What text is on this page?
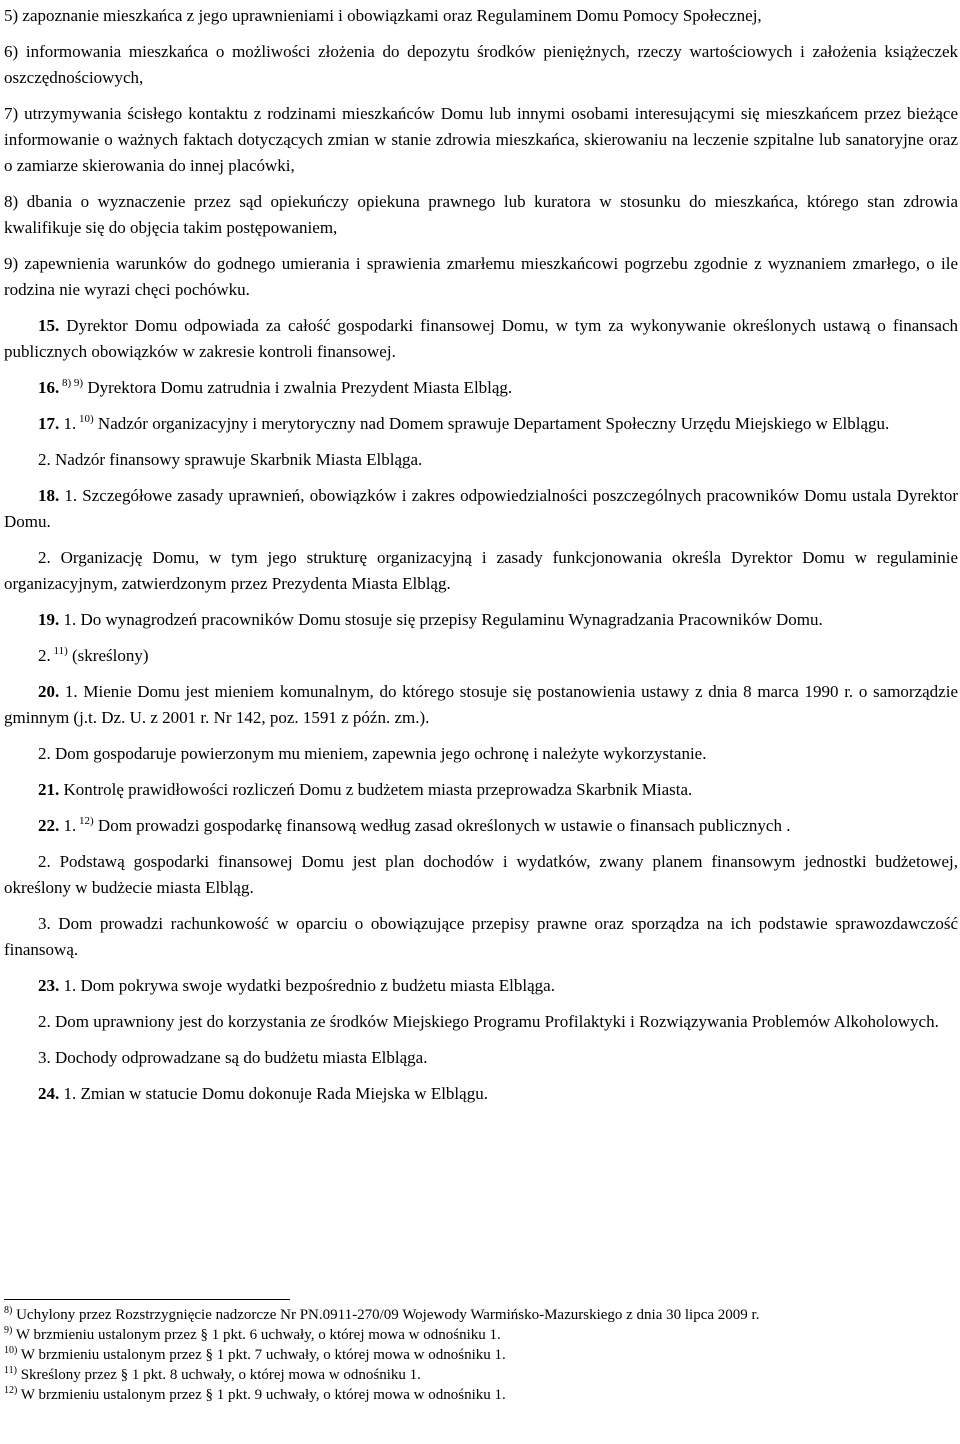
5) zapoznanie mieszkańca z jego uprawnieniami i obowiązkami oraz Regulaminem Domu Pomocy Społecznej,

6) informowania mieszkańca o możliwości złożenia do depozytu środków pieniężnych, rzeczy wartościowych i założenia książeczek oszczędnościowych,

7) utrzymywania ścisłego kontaktu z rodzinami mieszkańców Domu lub innymi osobami interesującymi się mieszkańcem przez bieżące informowanie o ważnych faktach dotyczących zmian w stanie zdrowia mieszkańca, skierowaniu na leczenie szpitalne lub sanatoryjne oraz o zamiarze skierowania do innej placówki,

8) dbania o wyznaczenie przez sąd opiekuńczy opiekuna prawnego lub kuratora w stosunku do mieszkańca, którego stan zdrowia kwalifikuje się do objęcia takim postępowaniem,

9) zapewnienia warunków do godnego umierania i sprawienia zmarłemu mieszkańcowi pogrzebu zgodnie z wyznaniem zmarłego, o ile rodzina nie wyrazi chęci pochówku.

15. Dyrektor Domu odpowiada za całość gospodarki finansowej Domu, w tym za wykonywanie określonych ustawą o finansach publicznych obowiązków w zakresie kontroli finansowej.

16. $^{8) 9)}$ Dyrektora Domu zatrudnia i zwalnia Prezydent Miasta Elbląg.

17. 1. $^{10)}$ Nadzór organizacyjny i merytoryczny nad Domem sprawuje Departament Społeczny Urzędu Miejskiego w Elblągu.

2. Nadzór finansowy sprawuje Skarbnik Miasta Elbląga.

18. 1. Szczegółowe zasady uprawnień, obowiązków i zakres odpowiedzialności poszczególnych pracowników Domu ustala Dyrektor Domu.

2. Organizację Domu, w tym jego strukturę organizacyjną i zasady funkcjonowania określa Dyrektor Domu w regulaminie organizacyjnym, zatwierdzonym przez Prezydenta Miasta Elbląg.

19. 1. Do wynagrodzeń pracowników Domu stosuje się przepisy Regulaminu Wynagradzania Pracowników Domu.

2. $^{11)}$ (skreślony)

20. 1. Mienie Domu jest mieniem komunalnym, do którego stosuje się postanowienia ustawy z dnia 8 marca 1990 r. o samorządzie gminnym (j.t. Dz. U. z 2001 r. Nr 142, poz. 1591 z późn. zm.).

2. Dom gospodaruje powierzonym mu mieniem, zapewnia jego ochronę i należyte wykorzystanie.

21. Kontrolę prawidłowości rozliczeń Domu z budżetem miasta przeprowadza Skarbnik Miasta.

22. 1. $^{12)}$ Dom prowadzi gospodarkę finansową według zasad określonych w ustawie o finansach publicznych .

2. Podstawą gospodarki finansowej Domu jest plan dochodów i wydatków, zwany planem finansowym jednostki budżetowej, określony w budżecie miasta Elbląg.

3. Dom prowadzi rachunkowość w oparciu o obowiązujące przepisy prawne oraz sporządza na ich podstawie sprawozdawczość finansową.

23. 1. Dom pokrywa swoje wydatki bezpośrednio z budżetu miasta Elbląga.

2. Dom uprawniony jest do korzystania ze środków Miejskiego Programu Profilaktyki i Rozwiązywania Problemów Alkoholowych.

3. Dochody odprowadzane są do budżetu miasta Elbląga.

24. 1. Zmian w statucie Domu dokonuje Rada Miejska w Elblągu.

$^{8)}$ Uchylony przez Rozstrzygnięcie nadzorcze Nr PN.0911-270/09 Wojewody Warmińsko-Mazurskiego z dnia 30 lipca 2009 r.

$^{9)}$ W brzmieniu ustalonym przez § 1 pkt. 6 uchwały, o której mowa w odnośniku 1.

$^{10)}$ W brzmieniu ustalonym przez § 1 pkt. 7 uchwały, o której mowa w odnośniku 1.

$^{11)}$ Skreślony przez § 1 pkt. 8 uchwały, o której mowa w odnośniku 1.

$^{12)}$ W brzmieniu ustalonym przez § 1 pkt. 9 uchwały, o której mowa w odnośniku 1.
